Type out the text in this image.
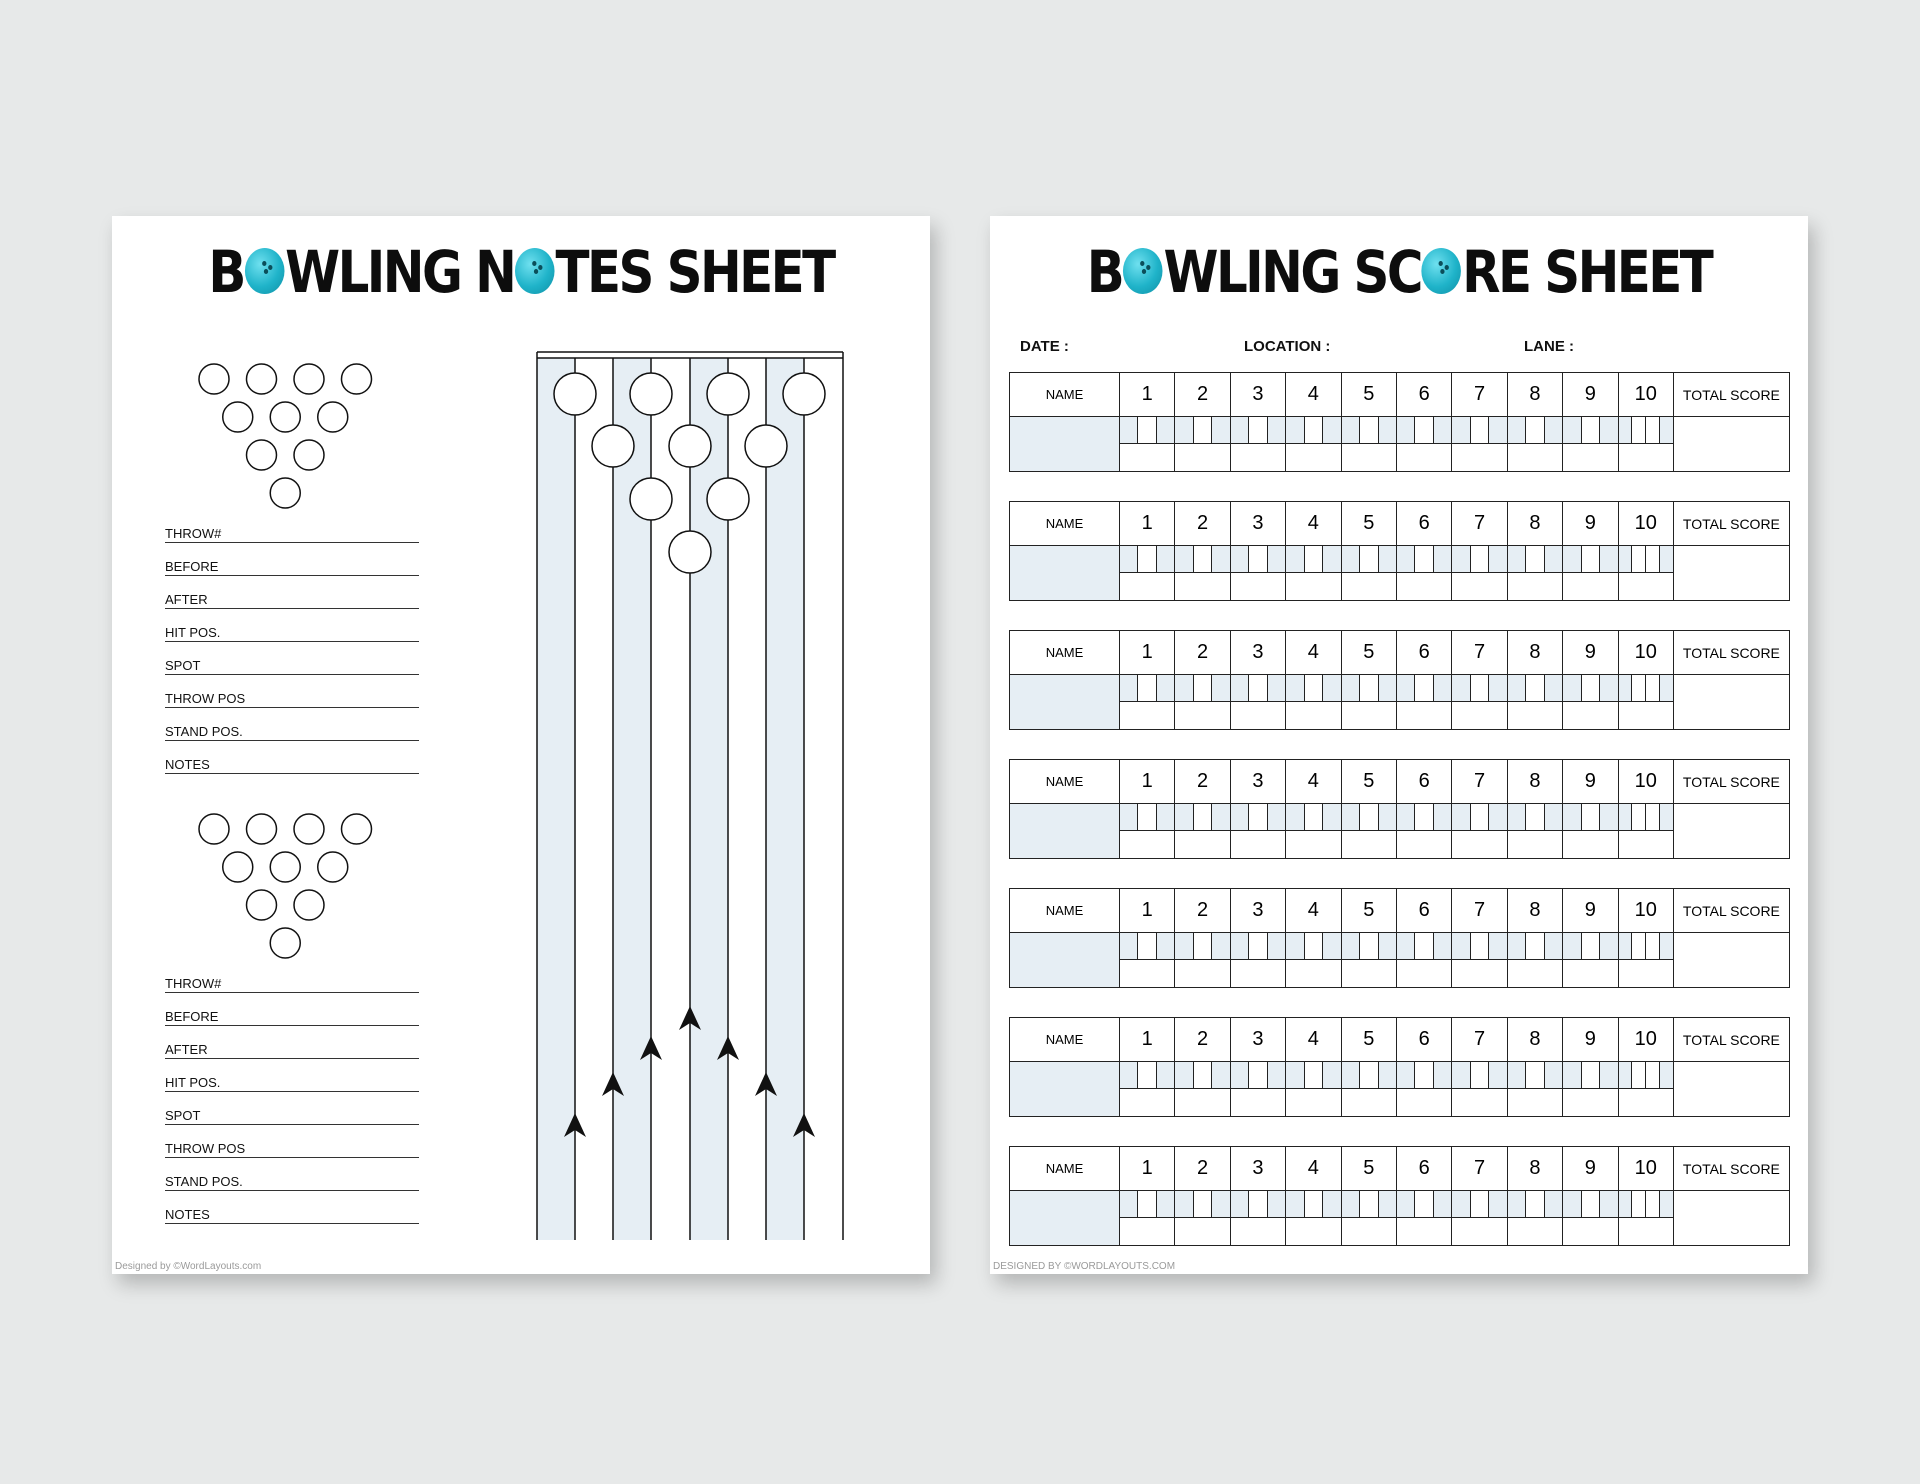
B WLING N TES SHEET
THROW#
BEFORE
AFTER
HIT POS.
SPOT
THROW POS
STAND POS.
NOTES
THROW#
BEFORE
AFTER
HIT POS.
SPOT
THROW POS
STAND POS.
NOTES
Designed by ©WordLayouts.com
B WLING SC RE SHEET
DATE :	LOCATION :	LANE :
NAME	1	2	3	4	5	6	7	8	9	10	TOTAL SCORE

NAME	1	2	3	4	5	6	7	8	9	10	TOTAL SCORE

NAME	1	2	3	4	5	6	7	8	9	10	TOTAL SCORE

NAME	1	2	3	4	5	6	7	8	9	10	TOTAL SCORE

NAME	1	2	3	4	5	6	7	8	9	10	TOTAL SCORE

NAME	1	2	3	4	5	6	7	8	9	10	TOTAL SCORE

NAME	1	2	3	4	5	6	7	8	9	10	TOTAL SCORE

DESIGNED BY ©WORDLAYOUTS.COM
